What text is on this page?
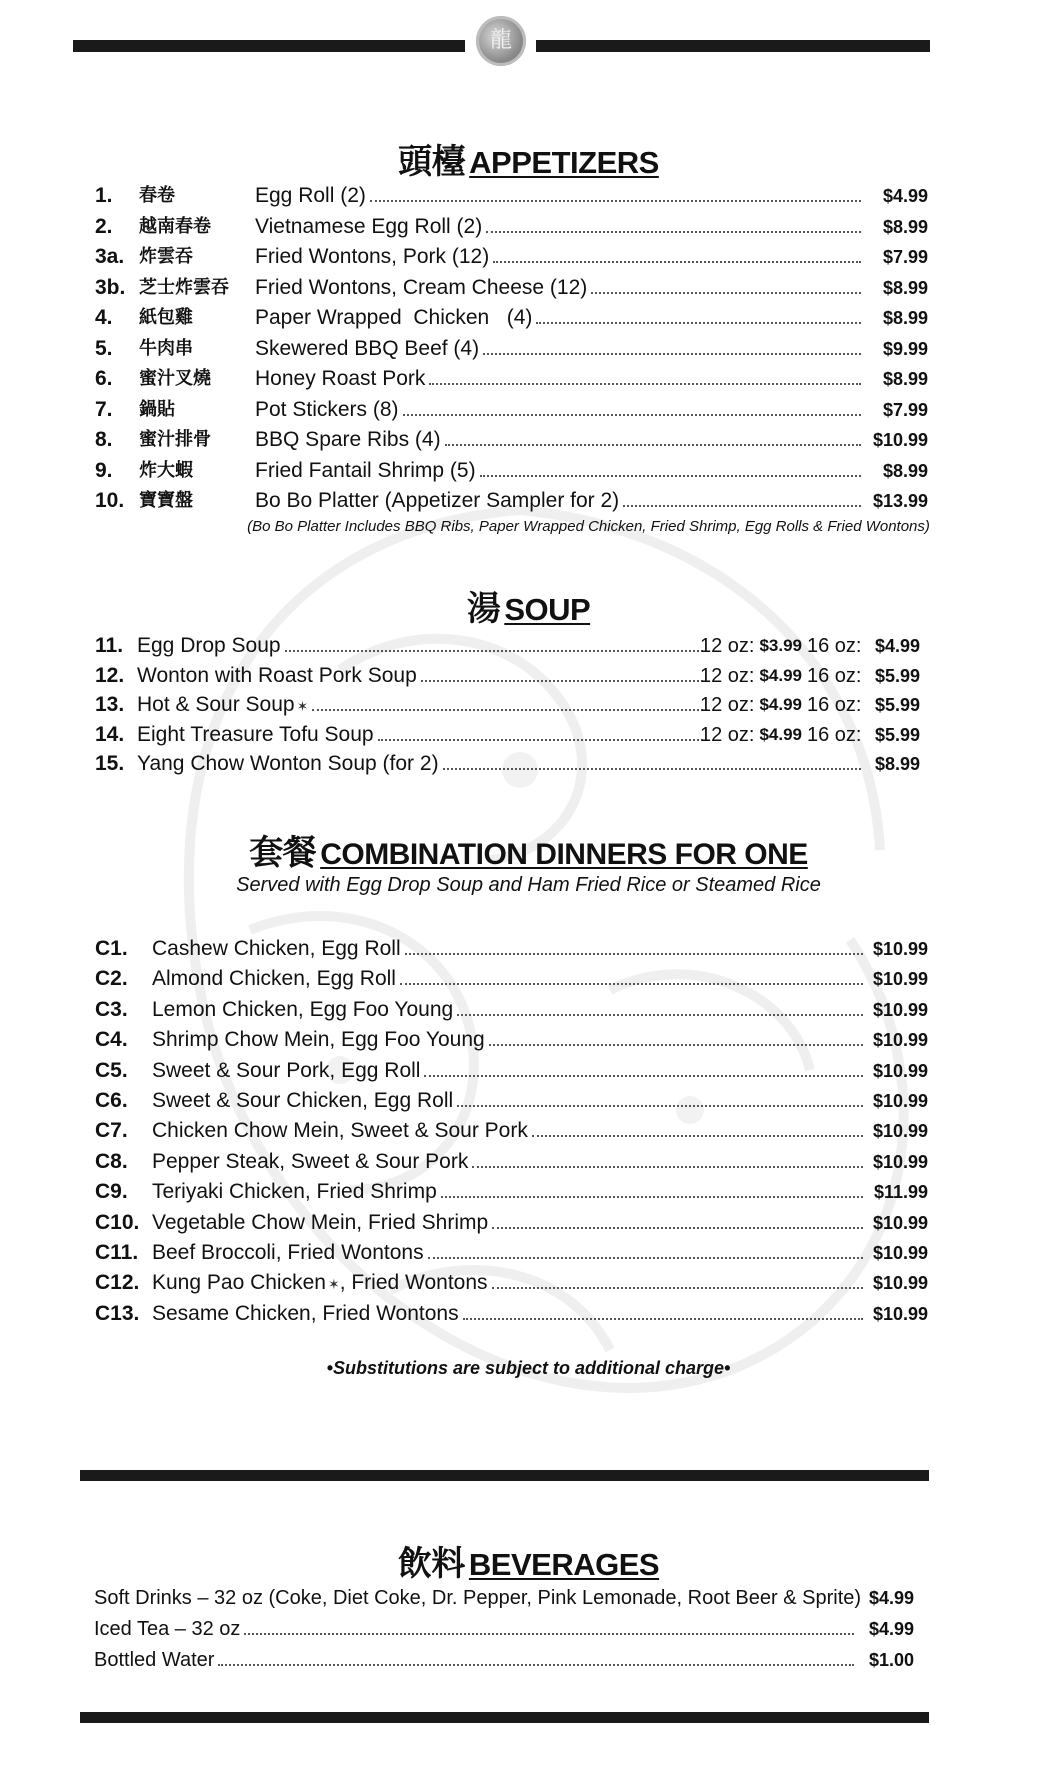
龍
頭檯 APPETIZERS
1. 春卷	Egg Roll (2)	$4.99
2. 越南春卷 Vietnamese Egg Roll (2)	$8.99
3a. 炸雲吞	Fried Wontons, Pork (12)	$7.99
3b. 芝士炸雲吞 Fried Wontons, Cream Cheese (12)	$8.99
4. 紙包雞	Paper Wrapped  Chicken   (4)	$8.99
5. 牛肉串	Skewered BBQ Beef (4)	$9.99
6. 蜜汁叉燒 Honey Roast Pork	$8.99
7. 鍋貼	Pot Stickers (8)	$7.99
8. 蜜汁排骨 BBQ Spare Ribs (4)	$10.99
9. 炸大蝦	Fried Fantail Shrimp (5)	$8.99
10. 寶寶盤	Bo Bo Platter (Appetizer Sampler for 2)	$13.99
(Bo Bo Platter Includes BBQ Ribs, Paper Wrapped Chicken, Fried Shrimp, Egg Rolls & Fried Wontons)
湯 SOUP
11. Egg Drop Soup	12 oz: $3.99 16 oz: $4.99
12. Wonton with Roast Pork Soup	12 oz: $4.99 16 oz: $5.99
13. Hot & Sour Soup ✶	12 oz: $4.99 16 oz: $5.99
14. Eight Treasure Tofu Soup	12 oz: $4.99 16 oz: $5.99
15. Yang Chow Wonton Soup (for 2)	$8.99
套餐 COMBINATION DINNERS FOR ONE
Served with Egg Drop Soup and Ham Fried Rice or Steamed Rice
C1. Cashew Chicken, Egg Roll	$10.99
C2. Almond Chicken, Egg Roll	$10.99
C3. Lemon Chicken, Egg Foo Young	$10.99
C4. Shrimp Chow Mein, Egg Foo Young	$10.99
C5. Sweet & Sour Pork, Egg Roll	$10.99
C6. Sweet & Sour Chicken, Egg Roll	$10.99
C7. Chicken Chow Mein, Sweet & Sour Pork	$10.99
C8. Pepper Steak, Sweet & Sour Pork	$10.99
C9. Teriyaki Chicken, Fried Shrimp	$11.99
C10. Vegetable Chow Mein, Fried Shrimp	$10.99
C11. Beef Broccoli, Fried Wontons	$10.99
C12. Kung Pao Chicken ✶ , Fried Wontons	$10.99
C13. Sesame Chicken, Fried Wontons	$10.99
•Substitutions are subject to additional charge•
飲料 BEVERAGES
Soft Drinks – 32 oz (Coke, Diet Coke, Dr. Pepper, Pink Lemonade, Root Beer & Sprite) $4.99
Iced Tea – 32 oz	$4.99
Bottled Water	$1.00
